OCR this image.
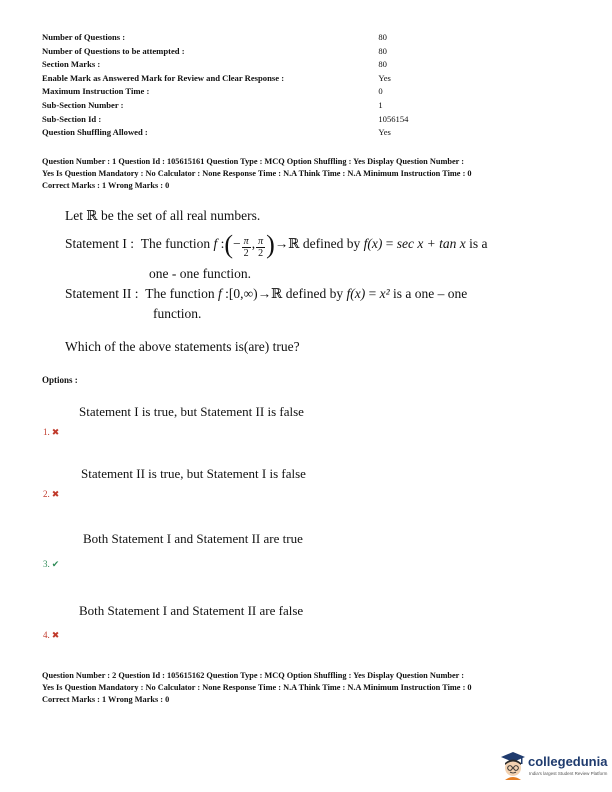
Number of Questions :	80
Number of Questions to be attempted :	80
Section Marks :	80
Enable Mark as Answered Mark for Review and Clear Response :	Yes
Maximum Instruction Time :	0
Sub-Section Number :	1
Sub-Section Id :	1056154
Question Shuffling Allowed :	Yes
Question Number : 1 Question Id : 105615161 Question Type : MCQ Option Shuffling : Yes Display Question Number :
Yes Is Question Mandatory : No Calculator : None Response Time : N.A Think Time : N.A Minimum Instruction Time : 0
Correct Marks : 1 Wrong Marks : 0
Let ℝ be the set of all real numbers.
Statement I : The function f :(− $\frac{\pi}{2}$ , $\frac{\pi}{2}$ )→ℝ defined by f(x) = sec x + tan x is a
one - one function.
Statement II : The function f :[0,∞)→ℝ defined by f(x) = x² is a one – one
function.
Which of the above statements is(are) true?
Options :
Statement I is true, but Statement II is false
1. ✖
Statement II is true, but Statement I is false
2. ✖
Both Statement I and Statement II are true
3. ✔
Both Statement I and Statement II are false
4. ✖
Question Number : 2 Question Id : 105615162 Question Type : MCQ Option Shuffling : Yes Display Question Number :
Yes Is Question Mandatory : No Calculator : None Response Time : N.A Think Time : N.A Minimum Instruction Time : 0
Correct Marks : 1 Wrong Marks : 0
collegedunia
India's largest Student Review Platform
